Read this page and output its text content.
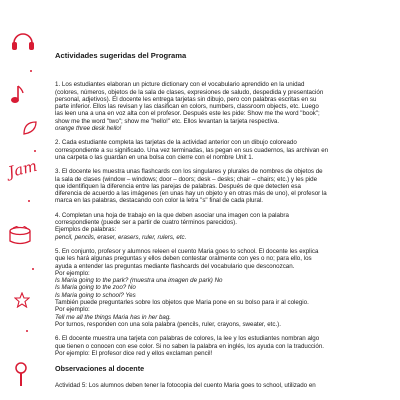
Jam
Actividades sugeridas del Programa
1. Los estudiantes elaboran un picture dictionary con el vocabulario aprendido en la unidad
(colores, números, objetos de la sala de clases, expresiones de saludo, despedida y presentación
personal, adjetivos). El docente les entrega tarjetas sin dibujo, pero con palabras escritas en su
parte inferior. Ellos las revisan y las clasifican en colors, numbers, classroom objects, etc. Luego
las leen una a una en voz alta con el profesor. Después este les pide: Show me the word "book";
show me the word "two"; show me "hello!" etc. Ellos levantan la tarjeta respectiva.
orange three desk hello!
2. Cada estudiante completa las tarjetas de la actividad anterior con un dibujo coloreado
correspondiente a su significado. Una vez terminadas, las pegan en sus cuadernos, las archivan en
una carpeta o las guardan en una bolsa con cierre con el nombre Unit 1.
3. El docente les muestra unas flashcards con los singulares y plurales de nombres de objetos de
la sala de clases (window – windows; door – doors; desk – desks; chair – chairs; etc.) y les pide
que identifiquen la diferencia entre las parejas de palabras. Después de que detecten esa
diferencia de acuerdo a las imágenes (en unas hay un objeto y en otras más de uno), el profesor la
marca en las palabras, destacando con color la letra "s" final de cada plural.
4. Completan una hoja de trabajo en la que deben asociar una imagen con la palabra
correspondiente (puede ser a partir de cuatro términos parecidos).
Ejemplos de palabras:
pencil, pencils, eraser, erasers, ruler, rulers, etc.
5. En conjunto, profesor y alumnos releen el cuento Maria goes to school. El docente les explica
que les hará algunas preguntas y ellos deben contestar oralmente con yes o no; para ello, los
ayuda a entender las preguntas mediante flashcards del vocabulario que desconozcan.
Por ejemplo:
Is Maria going to the park? (muestra una imagen de park) No
Is Maria going to the zoo? No
Is Maria going to school? Yes
También puede preguntarles sobre los objetos que Maria pone en su bolso para ir al colegio.
Por ejemplo:
Tell me all the things Maria has in her bag.
Por turnos, responden con una sola palabra (pencils, ruler, crayons, sweater, etc.).
6. El docente muestra una tarjeta con palabras de colores, la lee y los estudiantes nombran algo
que tienen o conocen con ese color. Si no saben la palabra en inglés, los ayuda con la traducción.
Por ejemplo: El profesor dice red y ellos exclaman pencil!
Observaciones al docente
Actividad 5: Los alumnos deben tener la fotocopia del cuento Maria goes to school, utilizado en
